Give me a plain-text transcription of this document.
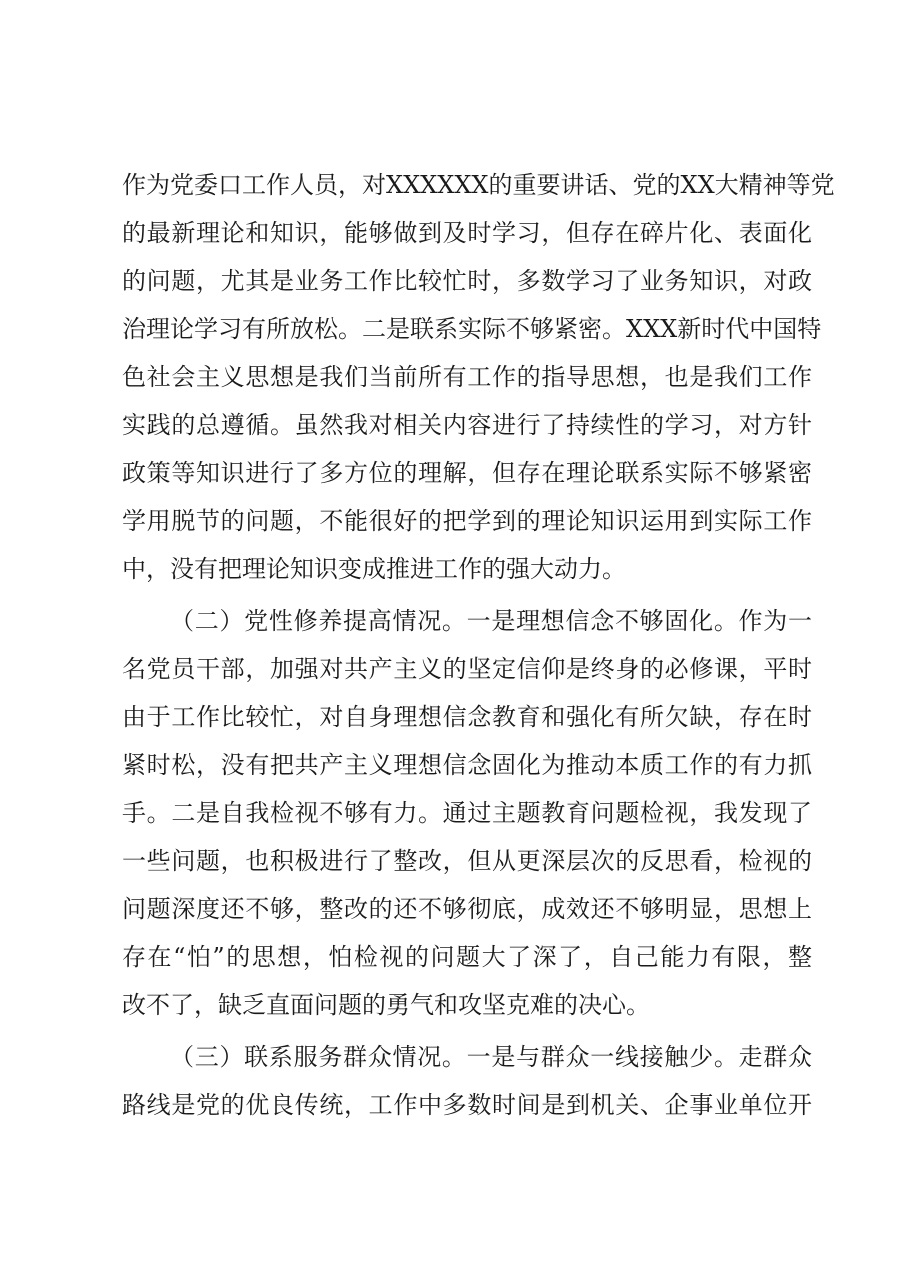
作为党委口工作人员，对XXXXXX的重要讲话、党的XX大精神等党
的最新理论和知识，能够做到及时学习，但存在碎片化、表面化
的问题，尤其是业务工作比较忙时，多数学习了业务知识，对政
治理论学习有所放松。二是联系实际不够紧密。XXX新时代中国特
色社会主义思想是我们当前所有工作的指导思想，也是我们工作
实践的总遵循。虽然我对相关内容进行了持续性的学习，对方针
政策等知识进行了多方位的理解，但存在理论联系实际不够紧密
学用脱节的问题，不能很好的把学到的理论知识运用到实际工作
中，没有把理论知识变成推进工作的强大动力。
（二）党性修养提高情况。一是理想信念不够固化。作为一
名党员干部，加强对共产主义的坚定信仰是终身的必修课，平时
由于工作比较忙，对自身理想信念教育和强化有所欠缺，存在时
紧时松，没有把共产主义理想信念固化为推动本质工作的有力抓
手。二是自我检视不够有力。通过主题教育问题检视，我发现了
一些问题，也积极进行了整改，但从更深层次的反思看，检视的
问题深度还不够，整改的还不够彻底，成效还不够明显，思想上
存在“怕”的思想，怕检视的问题大了深了，自己能力有限，整
改不了，缺乏直面问题的勇气和攻坚克难的决心。
（三）联系服务群众情况。一是与群众一线接触少。走群众
路线是党的优良传统，工作中多数时间是到机关、企事业单位开
